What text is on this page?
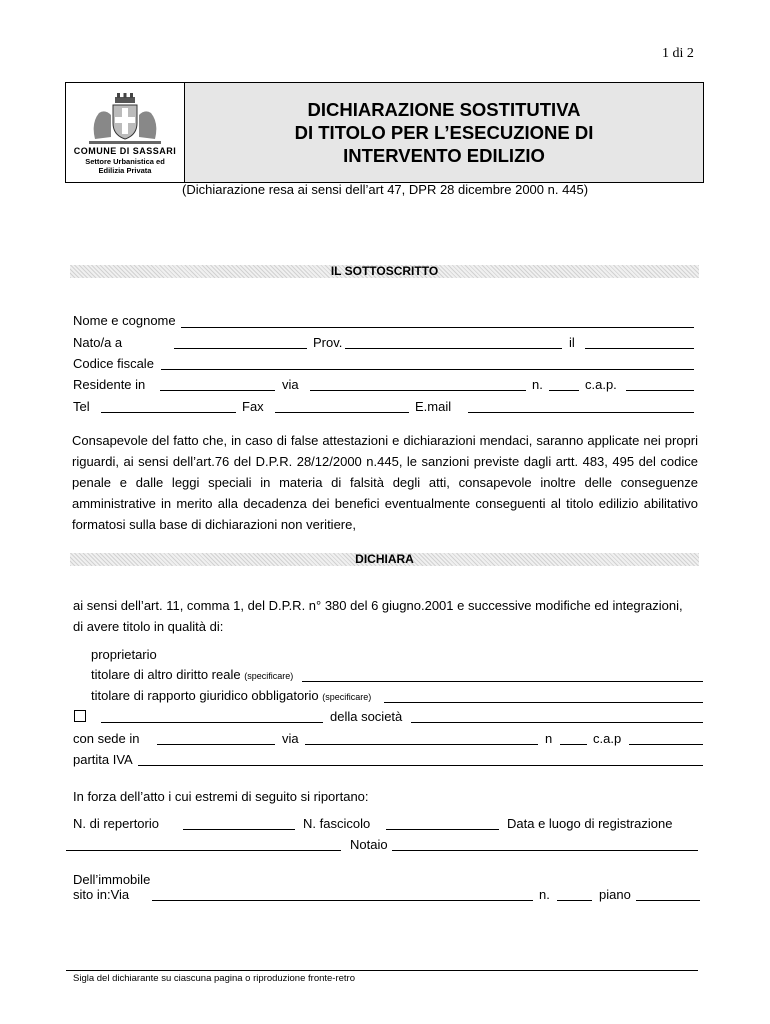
1 di 2
COMUNE DI SASSARI
Settore Urbanistica ed
Edilizia Privata
DICHIARAZIONE SOSTITUTIVA
DI TITOLO PER L’ESECUZIONE DI
INTERVENTO EDILIZIO
(Dichiarazione resa ai sensi dell’art 47, DPR 28 dicembre 2000 n. 445)
IL SOTTOSCRITTO
Nome e cognome
Nato/a a	Prov.	il
Codice fiscale
Residente in	via	n.	c.a.p.
Tel	Fax	E.mail
Consapevole del fatto che, in caso di false attestazioni e dichiarazioni mendaci, saranno applicate nei propri riguardi, ai sensi dell’art.76 del D.P.R. 28/12/2000 n.445, le sanzioni previste dagli artt. 483, 495 del codice penale e dalle leggi speciali in materia di falsità degli atti, consapevole inoltre delle conseguenze amministrative in merito alla decadenza dei benefici eventualmente conseguenti al titolo edilizio abilitativo formatosi sulla base di dichiarazioni non veritiere,
DICHIARA
ai sensi dell’art. 11, comma 1, del D.P.R. n° 380 del 6 giugno.2001 e successive modifiche ed integrazioni,
di avere titolo in qualità di:
proprietario
titolare di altro diritto reale (specificare)
titolare di rapporto giuridico obbligatorio (specificare)
della società
con sede in	via	n	c.a.p
partita IVA
In forza dell’atto i cui estremi di seguito si riportano:
N. di repertorio	N. fascicolo	Data e luogo di registrazione
Notaio
Dell’immobile
sito in:Via	n.	piano
Sigla del dichiarante su ciascuna pagina o riproduzione fronte-retro
